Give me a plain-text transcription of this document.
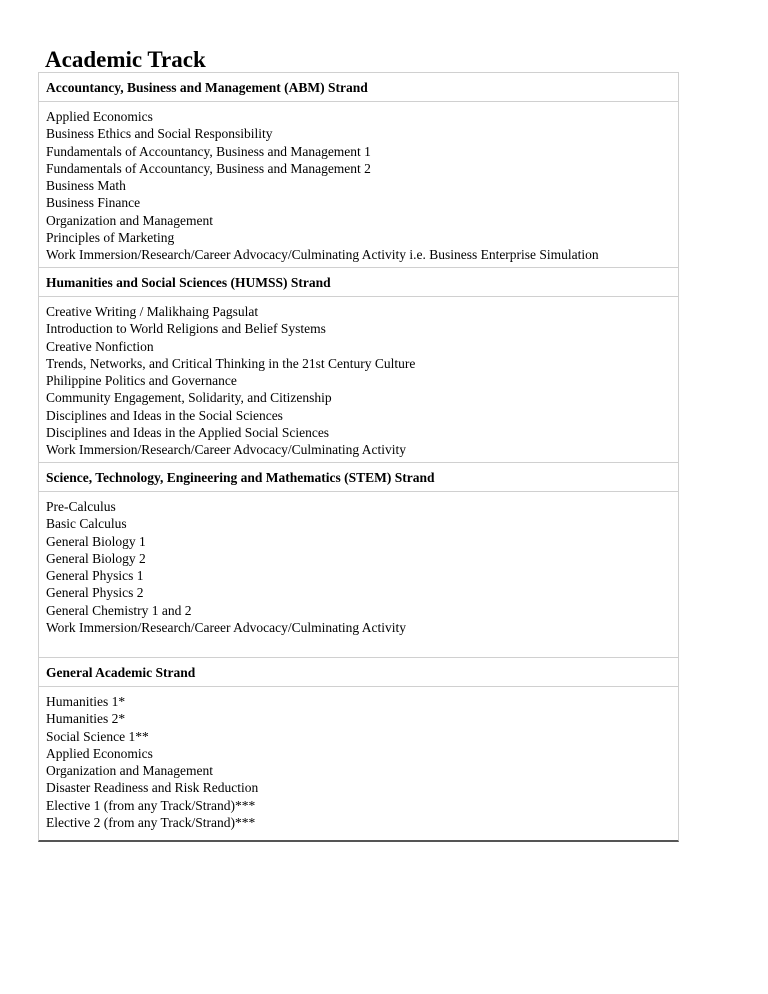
Academic Track
Accountancy, Business and Management (ABM) Strand
Applied Economics
Business Ethics and Social Responsibility
Fundamentals of Accountancy, Business and Management 1
Fundamentals of Accountancy, Business and Management 2
Business Math
Business Finance
Organization and Management
Principles of Marketing
Work Immersion/Research/Career Advocacy/Culminating Activity i.e. Business Enterprise Simulation
Humanities and Social Sciences (HUMSS) Strand
Creative Writing / Malikhaing Pagsulat
Introduction to World Religions and Belief Systems
Creative Nonfiction
Trends, Networks, and Critical Thinking in the 21st Century Culture
Philippine Politics and Governance
Community Engagement, Solidarity, and Citizenship
Disciplines and Ideas in the Social Sciences
Disciplines and Ideas in the Applied Social Sciences
Work Immersion/Research/Career Advocacy/Culminating Activity
Science, Technology, Engineering and Mathematics (STEM) Strand
Pre-Calculus
Basic Calculus
General Biology 1
General Biology 2
General Physics 1
General Physics 2
General Chemistry 1 and 2
Work Immersion/Research/Career Advocacy/Culminating Activity
General Academic Strand
Humanities 1*
Humanities 2*
Social Science 1**
Applied Economics
Organization and Management
Disaster Readiness and Risk Reduction
Elective 1 (from any Track/Strand)***
Elective 2 (from any Track/Strand)***
